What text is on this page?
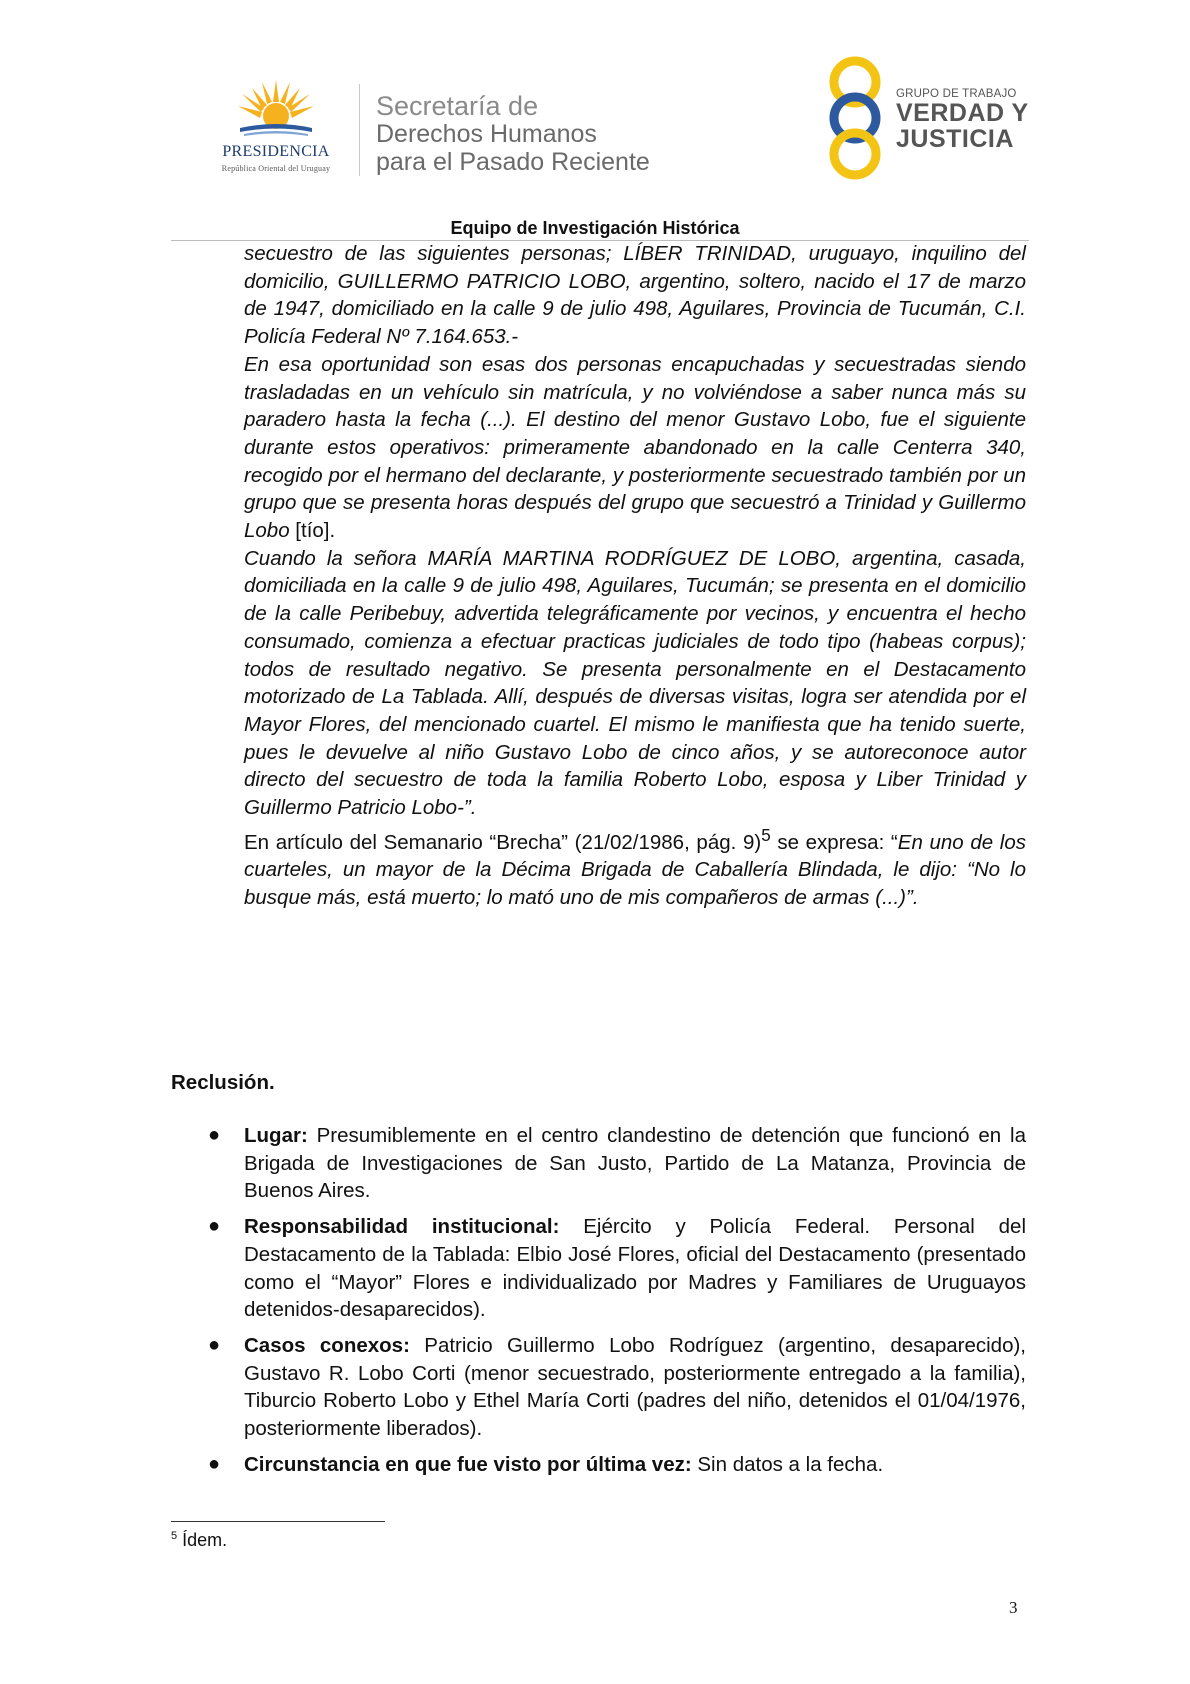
PRESIDENCIA
República Oriental del Uruguay
Secretaría de
Derechos Humanos
para el Pasado Reciente
GRUPO DE TRABAJO
VERDAD Y
JUSTICIA
Equipo de Investigación Histórica

secuestro de las siguientes personas; LÍBER TRINIDAD, uruguayo, inquilino del domicilio, GUILLERMO PATRICIO LOBO, argentino, soltero, nacido el 17 de marzo de 1947, domiciliado en la calle 9 de julio 498, Aguilares, Provincia de Tucumán, C.I. Policía Federal Nº 7.164.653.-

En esa oportunidad son esas dos personas encapuchadas y secuestradas siendo trasladadas en un vehículo sin matrícula, y no volviéndose a saber nunca más su paradero hasta la fecha (...). El destino del menor Gustavo Lobo, fue el siguiente durante estos operativos: primeramente abandonado en la calle Centerra 340, recogido por el hermano del declarante, y posteriormente secuestrado también por un grupo que se presenta horas después del grupo que secuestró a Trinidad y Guillermo Lobo [tío].

Cuando la señora MARÍA MARTINA RODRÍGUEZ DE LOBO, argentina, casada, domiciliada en la calle 9 de julio 498, Aguilares, Tucumán; se presenta en el domicilio de la calle Peribebuy, advertida telegráficamente por vecinos, y encuentra el hecho consumado, comienza a efectuar practicas judiciales de todo tipo (habeas corpus); todos de resultado negativo. Se presenta personalmente en el Destacamento motorizado de La Tablada. Allí, después de diversas visitas, logra ser atendida por el Mayor Flores, del mencionado cuartel. El mismo le manifiesta que ha tenido suerte, pues le devuelve al niño Gustavo Lobo de cinco años, y se autoreconoce autor directo del secuestro de toda la familia Roberto Lobo, esposa y Liber Trinidad y Guillermo Patricio Lobo-”.

En artículo del Semanario “Brecha” (21/02/1986, pág. 9)$^5$ se expresa: “En uno de los cuarteles, un mayor de la Décima Brigada de Caballería Blindada, le dijo: “No lo busque más, está muerto; lo mató uno de mis compañeros de armas (...)”.

Reclusión.
● Lugar: Presumiblemente en el centro clandestino de detención que funcionó en la Brigada de Investigaciones de San Justo, Partido de La Matanza, Provincia de Buenos Aires.
● Responsabilidad institucional: Ejército y Policía Federal. Personal del Destacamento de la Tablada: Elbio José Flores, oficial del Destacamento (presentado como el “Mayor” Flores e individualizado por Madres y Familiares de Uruguayos detenidos-desaparecidos).
● Casos conexos: Patricio Guillermo Lobo Rodríguez (argentino, desaparecido), Gustavo R. Lobo Corti (menor secuestrado, posteriormente entregado a la familia), Tiburcio Roberto Lobo y Ethel María Corti (padres del niño, detenidos el 01/04/1976, posteriormente liberados).
● Circunstancia en que fue visto por última vez: Sin datos a la fecha.
$^5$ Ídem.
3
